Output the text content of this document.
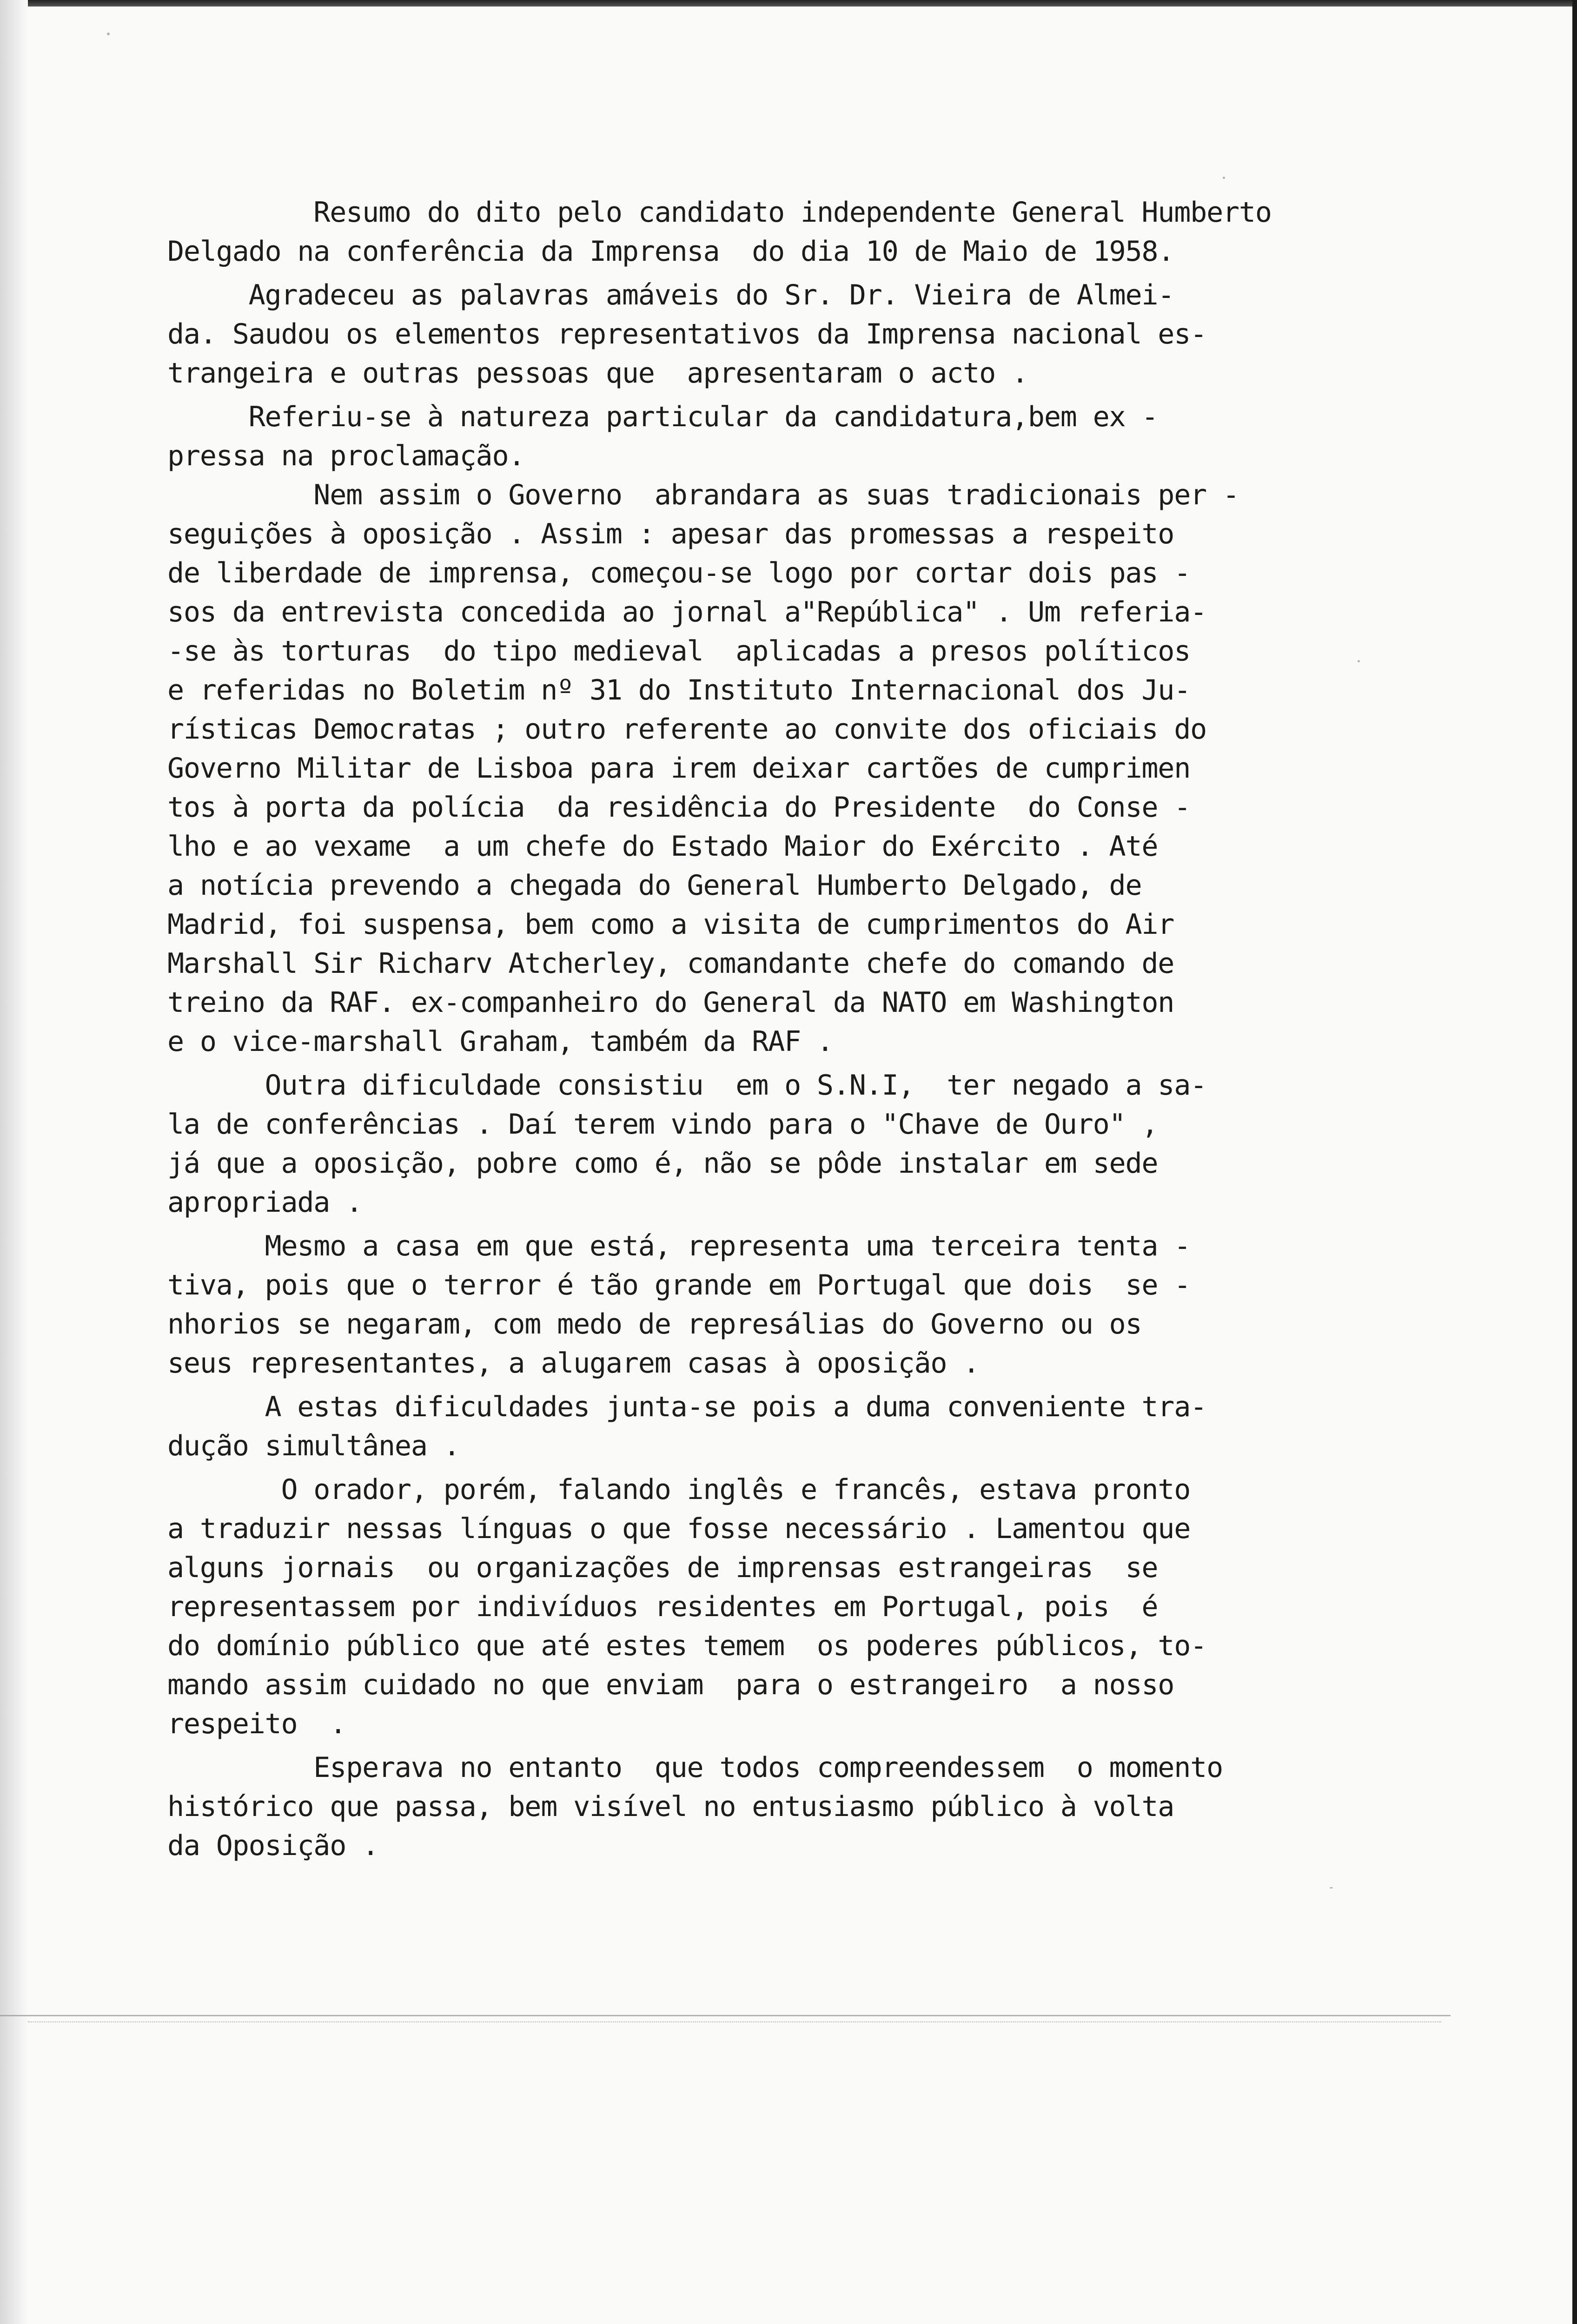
Resumo do dito pelo candidato independente General Humberto
Delgado na conferência da Imprensa  do dia 10 de Maio de 1958.
Agradeceu as palavras amáveis do Sr. Dr. Vieira de Almei-
da. Saudou os elementos representativos da Imprensa nacional es-
trangeira e outras pessoas que  apresentaram o acto .
Referiu-se à natureza particular da candidatura,bem ex -
pressa na proclamação.
Nem assim o Governo  abrandara as suas tradicionais per -
seguições à oposição . Assim : apesar das promessas a respeito
de liberdade de imprensa, começou-se logo por cortar dois pas -
sos da entrevista concedida ao jornal a"República" . Um referia-
-se às torturas  do tipo medieval  aplicadas a presos políticos
e referidas no Boletim nº 31 do Instituto Internacional dos Ju-
rísticas Democratas ; outro referente ao convite dos oficiais do
Governo Militar de Lisboa para irem deixar cartões de cumprimen
tos à porta da polícia  da residência do Presidente  do Conse -
lho e ao vexame  a um chefe do Estado Maior do Exército . Até
a notícia prevendo a chegada do General Humberto Delgado, de
Madrid, foi suspensa, bem como a visita de cumprimentos do Air
Marshall Sir Richarv Atcherley, comandante chefe do comando de
treino da RAF. ex-companheiro do General da NATO em Washington
e o vice-marshall Graham, também da RAF .
Outra dificuldade consistiu  em o S.N.I,  ter negado a sa-
la de conferências . Daí terem vindo para o "Chave de Ouro" ,
já que a oposição, pobre como é, não se pôde instalar em sede
apropriada .
Mesmo a casa em que está, representa uma terceira tenta -
tiva, pois que o terror é tão grande em Portugal que dois  se -
nhorios se negaram, com medo de represálias do Governo ou os
seus representantes, a alugarem casas à oposição .
A estas dificuldades junta-se pois a duma conveniente tra-
dução simultânea .
O orador, porém, falando inglês e francês, estava pronto
a traduzir nessas línguas o que fosse necessário . Lamentou que
alguns jornais  ou organizações de imprensas estrangeiras  se
representassem por indivíduos residentes em Portugal, pois  é
do domínio público que até estes temem  os poderes públicos, to-
mando assim cuidado no que enviam  para o estrangeiro  a nosso
respeito  .
Esperava no entanto  que todos compreendessem  o momento
histórico que passa, bem visível no entusiasmo público à volta
da Oposição .
